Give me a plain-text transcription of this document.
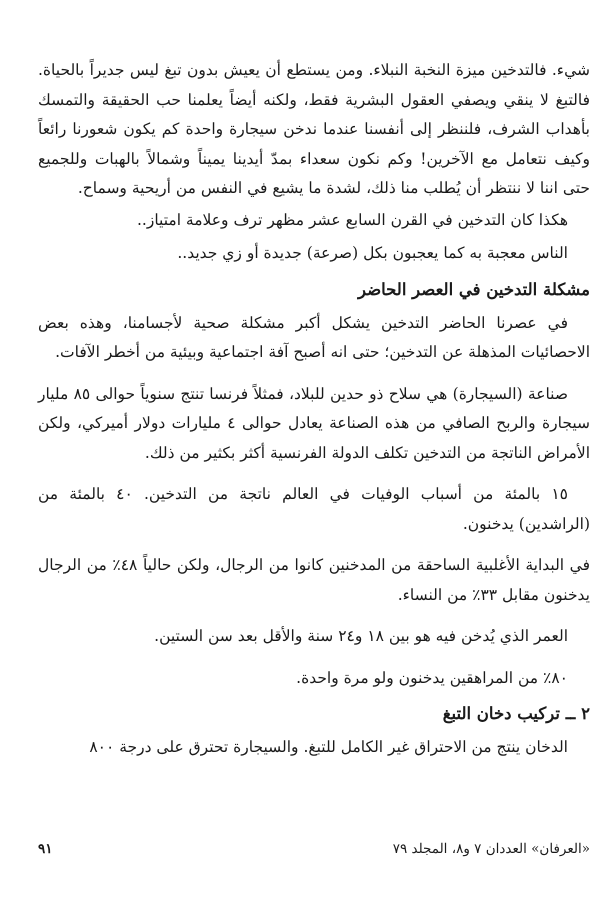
شيء. فالتدخين ميزة النخبة النبلاء. ومن يستطع أن يعيش بدون تبغ ليس جديراً بالحياة. فالتبغ لا ينقي ويصفي العقول البشرية فقط، ولكنه أيضاً يعلمنا حب الحقيقة والتمسك بأهداب الشرف، فلننظر إلى أنفسنا عندما ندخن سيجارة واحدة كم يكون شعورنا رائعاً وكيف نتعامل مع الآخرين! وكم نكون سعداء بمدّ أيدينا يميناً وشمالاً بالهبات وللجميع حتى اننا لا ننتظر أن يُطلب منا ذلك، لشدة ما يشيع في النفس من أريحية وسماح.

هكذا كان التدخين في القرن السابع عشر مظهر ترف وعلامة امتياز..

الناس معجبة به كما يعجبون بكل (صرعة) جديدة أو زي جديد..

مشكلة التدخين في العصر الحاضر

في عصرنا الحاضر التدخين يشكل أكبر مشكلة صحية لأجسامنا، وهذه بعض الاحصائيات المذهلة عن التدخين؛ حتى انه أصبح آفة اجتماعية وبيئية من أخطر الآفات.

صناعة (السيجارة) هي سلاح ذو حدين للبلاد، فمثلاً فرنسا تنتج سنوياً حوالى ٨٥ مليار سيجارة والربح الصافي من هذه الصناعة يعادل حوالى ٤ مليارات دولار أميركي، ولكن الأمراض الناتجة من التدخين تكلف الدولة الفرنسية أكثر بكثير من ذلك.

١٥ بالمئة من أسباب الوفيات في العالم ناتجة من التدخين. ٤٠ بالمئة من (الراشدين) يدخنون.

في البداية الأغلبية الساحقة من المدخنين كانوا من الرجال، ولكن حالياً ٤٨٪ من الرجال يدخنون مقابل ٣٣٪ من النساء.

العمر الذي يُدخن فيه هو بين ١٨ و٢٤ سنة والأقل بعد سن الستين.

٨٠٪ من المراهقين يدخنون ولو مرة واحدة.

٢ ــ تركيب دخان التبغ

الدخان ينتج من الاحتراق غير الكامل للتبغ. والسيجارة تحترق على درجة ٨٠٠

٩١	«العرفان» العددان ٧ و٨، المجلد ٧٩
